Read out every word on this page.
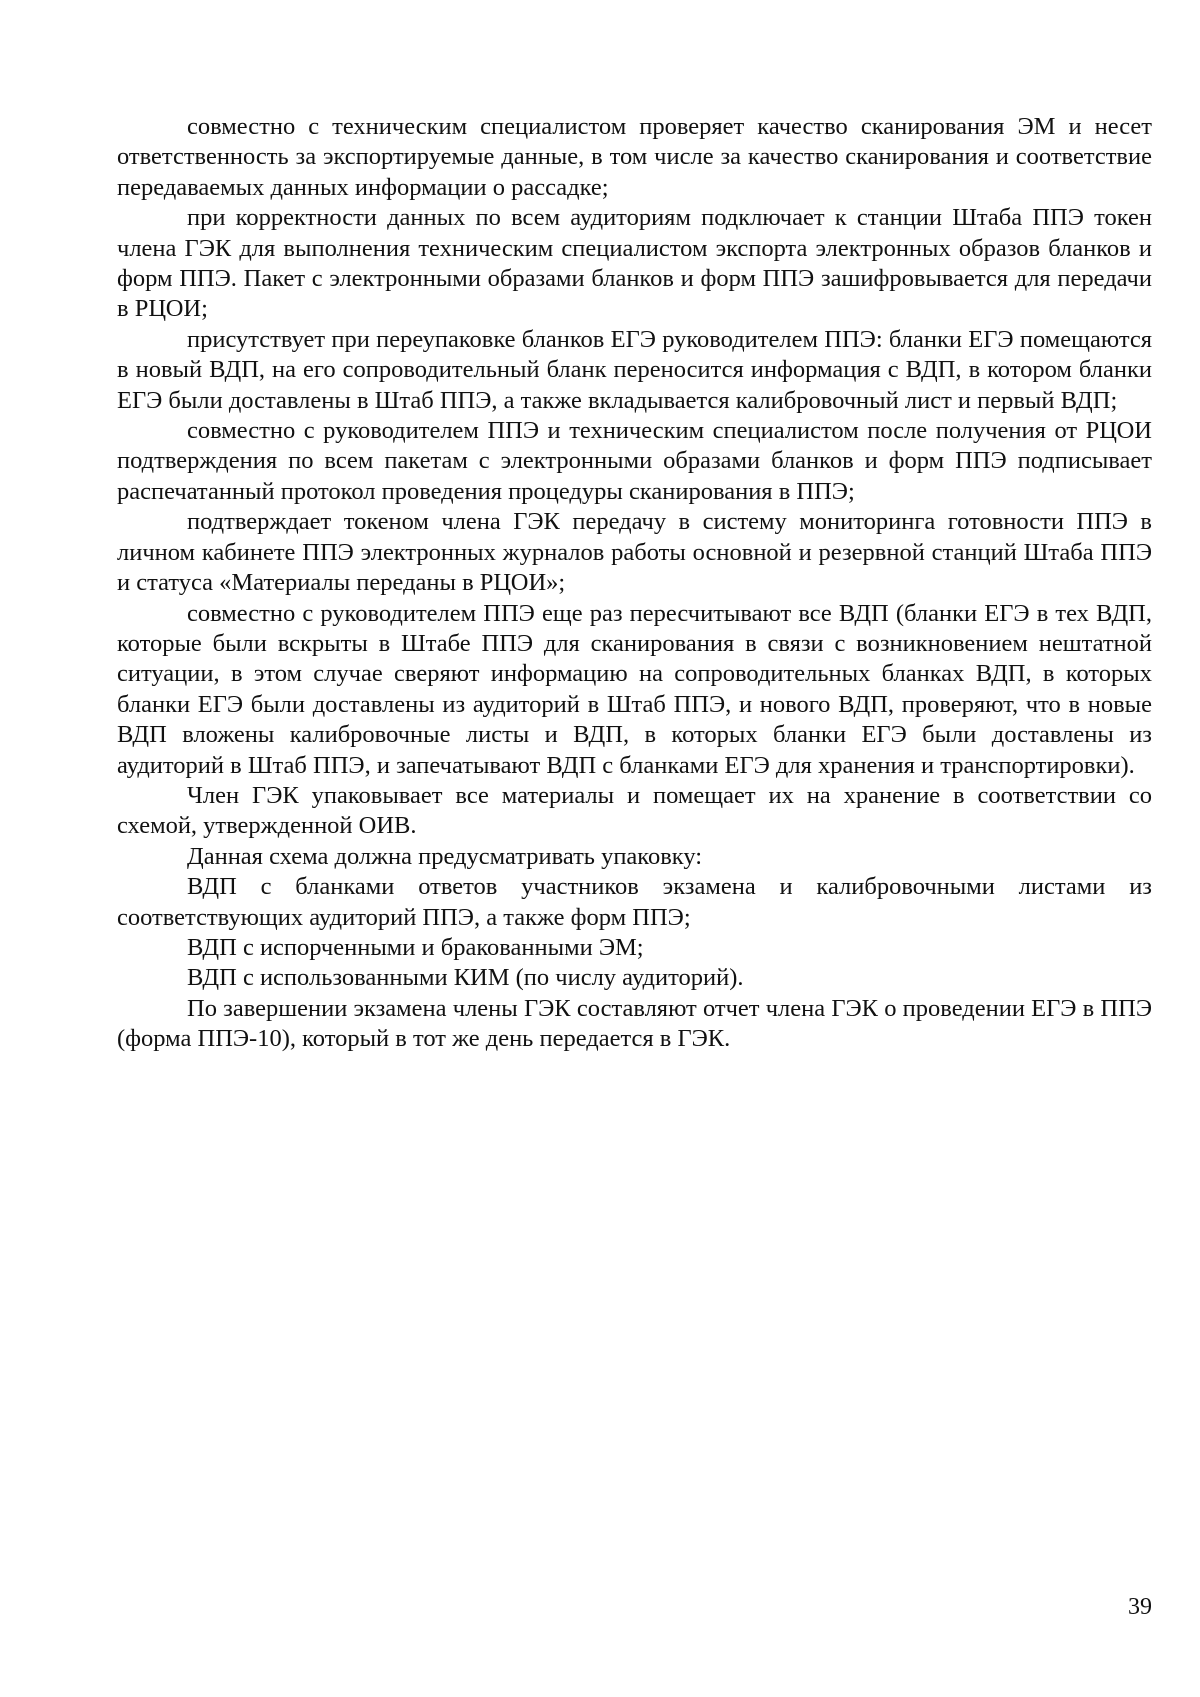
совместно с техническим специалистом проверяет качество сканирования ЭМ и несет ответственность за экспортируемые данные, в том числе за качество сканирования и соответствие передаваемых данных информации о рассадке;

при корректности данных по всем аудиториям подключает к станции Штаба ППЭ токен члена ГЭК для выполнения техническим специалистом экспорта электронных образов бланков и форм ППЭ. Пакет с электронными образами бланков и форм ППЭ зашифровывается для передачи в РЦОИ;

присутствует при переупаковке бланков ЕГЭ руководителем ППЭ: бланки ЕГЭ помещаются в новый ВДП, на его сопроводительный бланк переносится информация с ВДП, в котором бланки ЕГЭ были доставлены в Штаб ППЭ, а также вкладывается калибровочный лист и первый ВДП;

совместно с руководителем ППЭ и техническим специалистом после получения от РЦОИ подтверждения по всем пакетам с электронными образами бланков и форм ППЭ подписывает распечатанный протокол проведения процедуры сканирования в ППЭ;

подтверждает токеном члена ГЭК передачу в систему мониторинга готовности ППЭ в личном кабинете ППЭ электронных журналов работы основной и резервной станций Штаба ППЭ и статуса «Материалы переданы в РЦОИ»;

совместно с руководителем ППЭ еще раз пересчитывают все ВДП (бланки ЕГЭ в тех ВДП, которые были вскрыты в Штабе ППЭ для сканирования в связи с возникновением нештатной ситуации, в этом случае сверяют информацию на сопроводительных бланках ВДП, в которых бланки ЕГЭ были доставлены из аудиторий в Штаб ППЭ, и нового ВДП, проверяют, что в новые ВДП вложены калибровочные листы и ВДП, в которых бланки ЕГЭ были доставлены из аудиторий в Штаб ППЭ, и запечатывают ВДП с бланками ЕГЭ для хранения и транспортировки).

Член ГЭК упаковывает все материалы и помещает их на хранение в соответствии со схемой, утвержденной ОИВ.

Данная схема должна предусматривать упаковку:

ВДП с бланками ответов участников экзамена и калибровочными листами из соответствующих аудиторий ППЭ, а также форм ППЭ;

ВДП с испорченными и бракованными ЭМ;

ВДП с использованными КИМ (по числу аудиторий).

По завершении экзамена члены ГЭК составляют отчет члена ГЭК о проведении ЕГЭ в ППЭ (форма ППЭ-10), который в тот же день передается в ГЭК.

39
